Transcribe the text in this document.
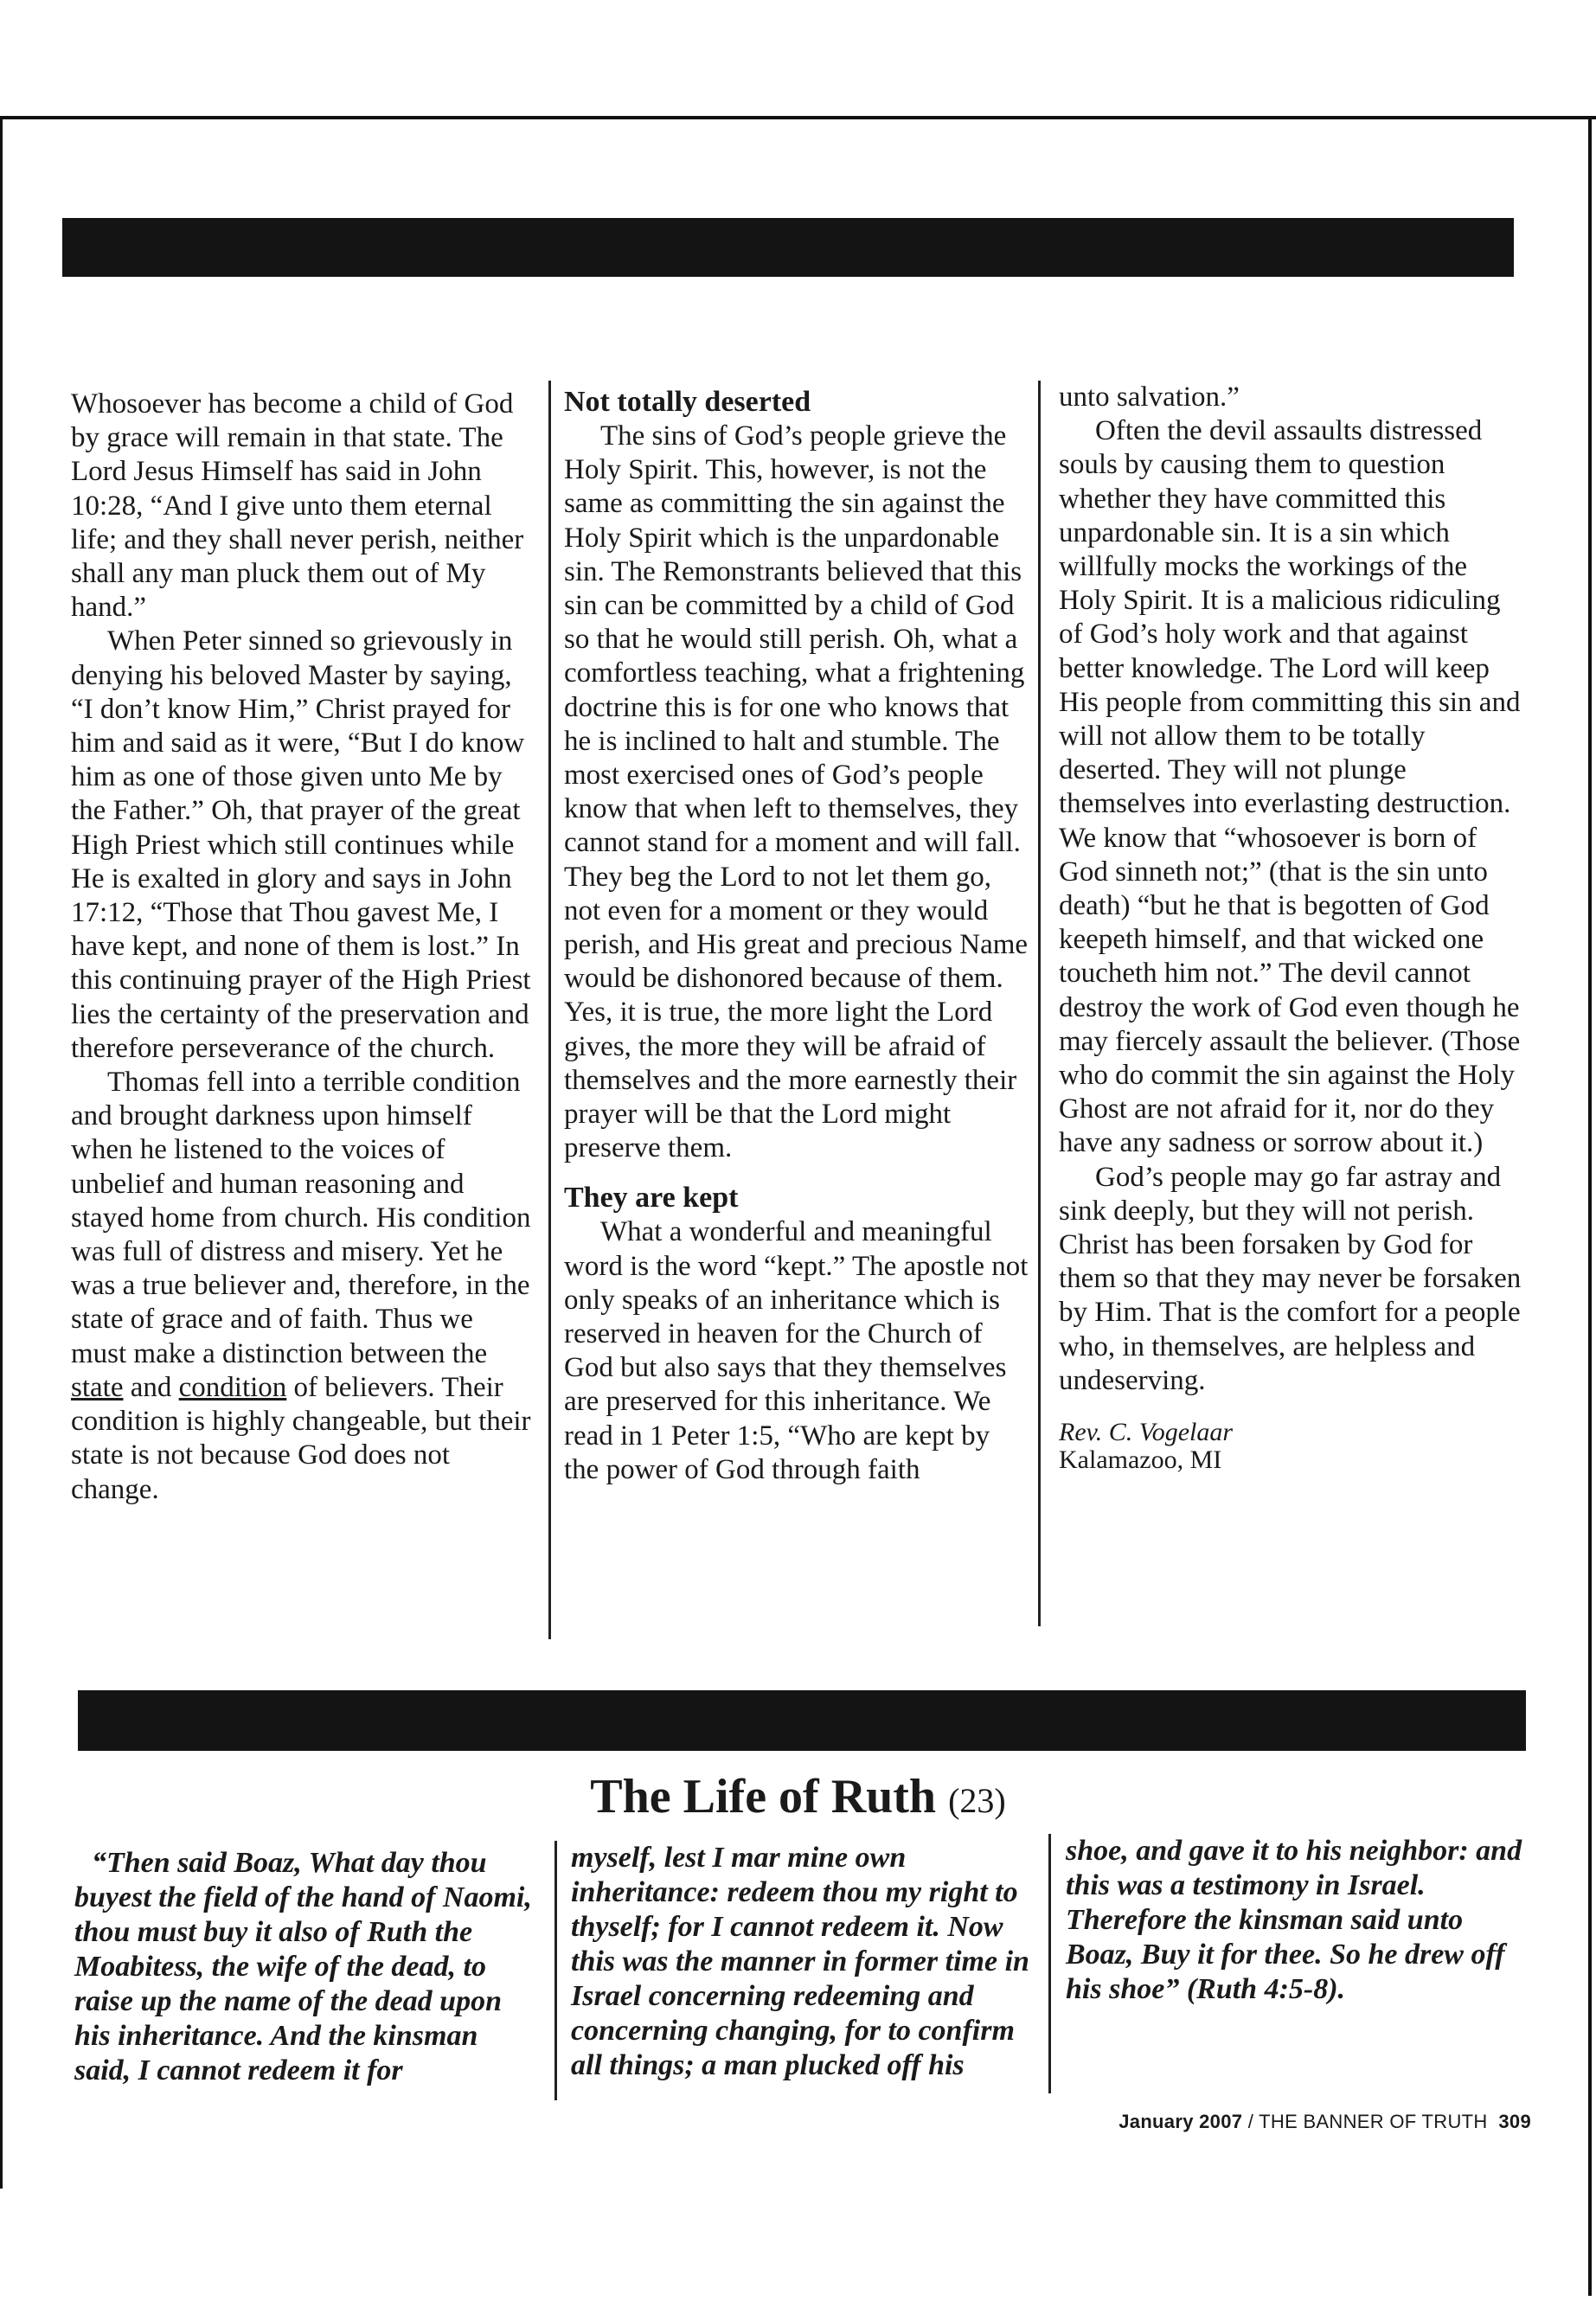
Whosoever has become a child of God by grace will remain in that state. The Lord Jesus Himself has said in John 10:28, “And I give unto them eternal life; and they shall never perish, neither shall any man pluck them out of My hand.”

When Peter sinned so grievously in denying his beloved Master by saying, “I don’t know Him,” Christ prayed for him and said as it were, “But I do know him as one of those given unto Me by the Father.” Oh, that prayer of the great High Priest which still continues while He is exalted in glory and says in John 17:12, “Those that Thou gavest Me, I have kept, and none of them is lost.” In this continuing prayer of the High Priest lies the certainty of the preservation and therefore perseverance of the church.

Thomas fell into a terrible condition and brought darkness upon himself when he listened to the voices of unbelief and human reasoning and stayed home from church. His condition was full of distress and misery. Yet he was a true believer and, therefore, in the state of grace and of faith. Thus we must make a distinction between the state and condition of believers. Their condition is highly changeable, but their state is not because God does not change.

Not totally deserted

The sins of God’s people grieve the Holy Spirit. This, however, is not the same as committing the sin against the Holy Spirit which is the unpardonable sin. The Remonstrants believed that this sin can be committed by a child of God so that he would still perish. Oh, what a comfortless teaching, what a frightening doctrine this is for one who knows that he is inclined to halt and stumble. The most exercised ones of God’s people know that when left to themselves, they cannot stand for a moment and will fall. They beg the Lord to not let them go, not even for a moment or they would perish, and His great and precious Name would be dishonored because of them. Yes, it is true, the more light the Lord gives, the more they will be afraid of themselves and the more earnestly their prayer will be that the Lord might preserve them.

They are kept

What a wonderful and meaningful word is the word “kept.” The apostle not only speaks of an inheritance which is reserved in heaven for the Church of God but also says that they themselves are preserved for this inheritance. We read in 1 Peter 1:5, “Who are kept by the power of God through faith

unto salvation.”

Often the devil assaults distressed souls by causing them to question whether they have committed this unpardonable sin. It is a sin which willfully mocks the workings of the Holy Spirit. It is a malicious ridiculing of God’s holy work and that against better knowledge. The Lord will keep His people from committing this sin and will not allow them to be totally deserted. They will not plunge themselves into everlasting destruction. We know that “whosoever is born of God sinneth not;” (that is the sin unto death) “but he that is begotten of God keepeth himself, and that wicked one toucheth him not.” The devil cannot destroy the work of God even though he may fiercely assault the believer. (Those who do commit the sin against the Holy Ghost are not afraid for it, nor do they have any sadness or sorrow about it.)

God’s people may go far astray and sink deeply, but they will not perish. Christ has been forsaken by God for them so that they may never be forsaken by Him. That is the comfort for a people who, in themselves, are helpless and undeserving.

Rev. C. Vogelaar

Kalamazoo, MI

The Life of Ruth (23)
“Then said Boaz, What day thou buyest the field of the hand of Naomi, thou must buy it also of Ruth the Moabitess, the wife of the dead, to raise up the name of the dead upon his inheritance. And the kinsman said, I cannot redeem it for
myself, lest I mar mine own inheritance: redeem thou my right to thyself; for I cannot redeem it. Now this was the manner in former time in Israel concerning redeeming and concerning changing, for to confirm all things; a man plucked off his
shoe, and gave it to his neighbor: and this was a testimony in Israel. Therefore the kinsman said unto Boaz, Buy it for thee. So he drew off his shoe” (Ruth 4:5-8).
January 2007 / THE BANNER OF TRUTH 309
